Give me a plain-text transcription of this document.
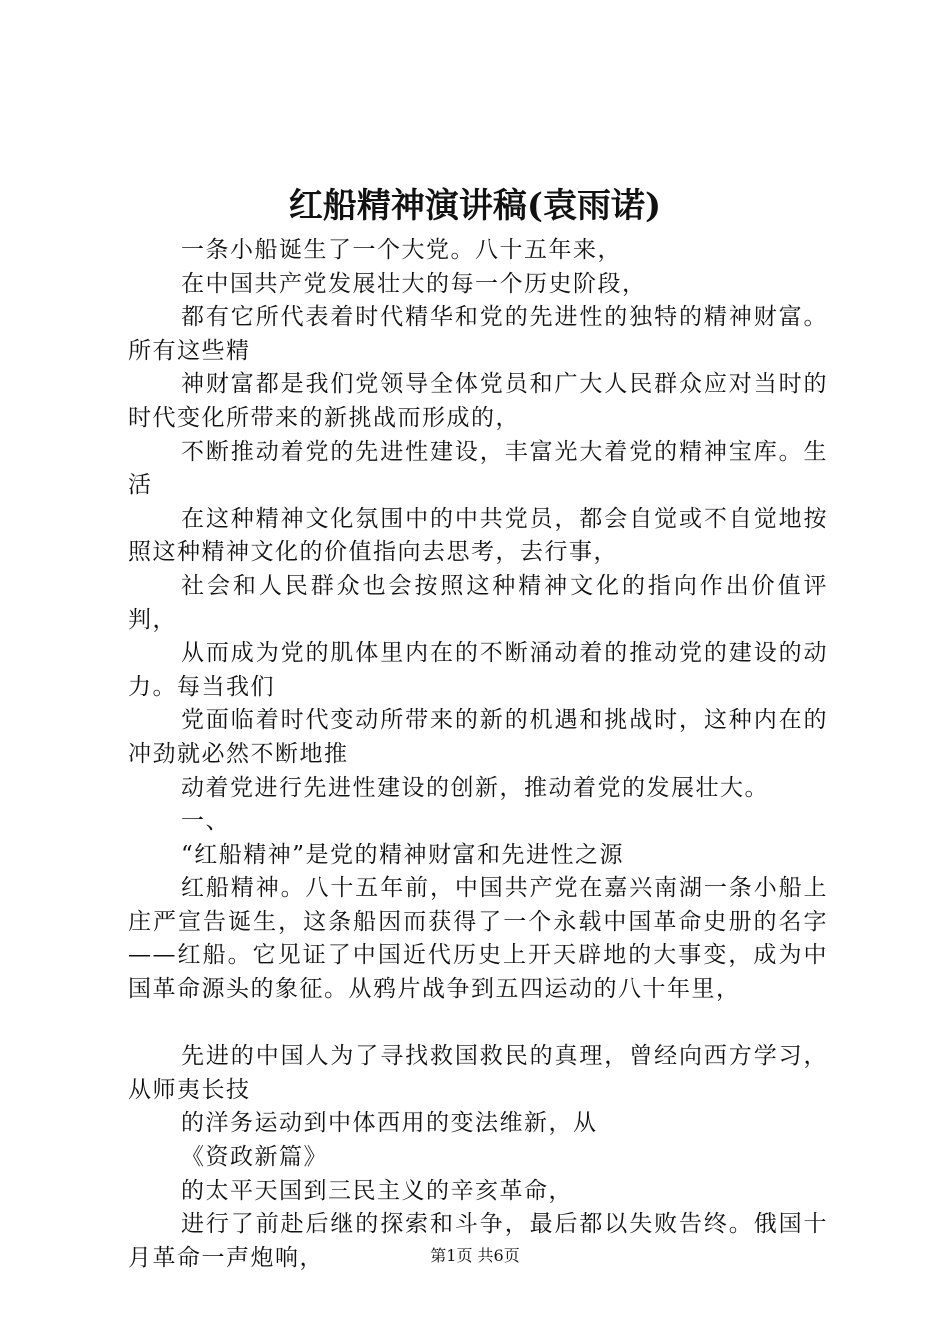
红船精神演讲稿(袁雨诺)

一条小船诞生了一个大党。八十五年来，

在中国共产党发展壮大的每一个历史阶段，

都有它所代表着时代精华和党的先进性的独特的精神财富。所有这些精

神财富都是我们党领导全体党员和广大人民群众应对当时的时代变化所带来的新挑战而形成的，

不断推动着党的先进性建设，丰富光大着党的精神宝库。生活

在这种精神文化氛围中的中共党员，都会自觉或不自觉地按照这种精神文化的价值指向去思考，去行事，

社会和人民群众也会按照这种精神文化的指向作出价值评判，

从而成为党的肌体里内在的不断涌动着的推动党的建设的动力。每当我们

党面临着时代变动所带来的新的机遇和挑战时，这种内在的冲劲就必然不断地推

动着党进行先进性建设的创新，推动着党的发展壮大。

一、

“红船精神”是党的精神财富和先进性之源

红船精神。八十五年前，中国共产党在嘉兴南湖一条小船上庄严宣告诞生，这条船因而获得了一个永载中国革命史册的名字——红船。它见证了中国近代历史上开天辟地的大事变，成为中国革命源头的象征。从鸦片战争到五四运动的八十年里，

先进的中国人为了寻找救国救民的真理，曾经向西方学习，从师夷长技

的洋务运动到中体西用的变法维新，从

《资政新篇》

的太平天国到三民主义的辛亥革命，

进行了前赴后继的探索和斗争，最后都以失败告终。俄国十月革命一声炮响，	第1页 共6页
